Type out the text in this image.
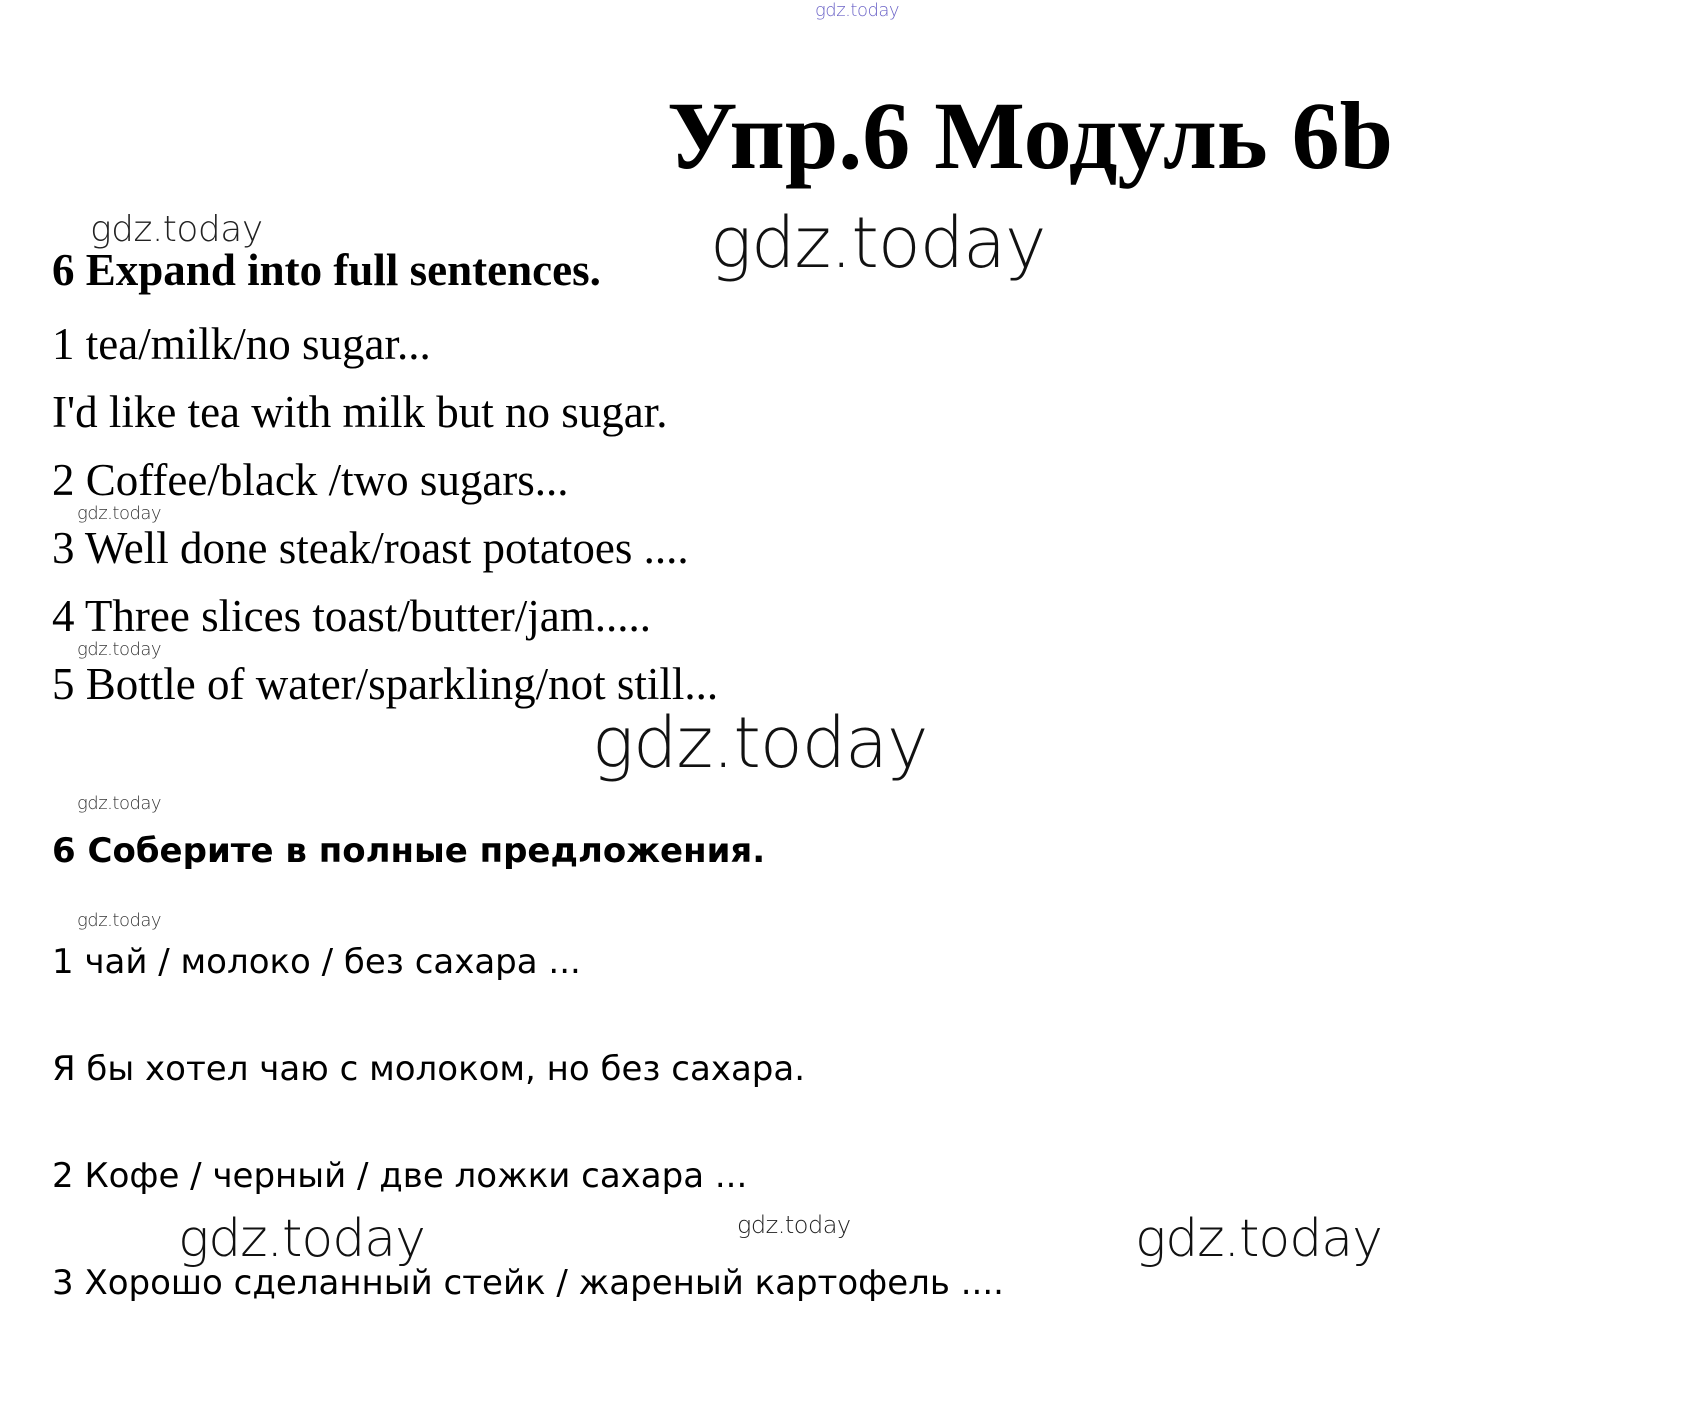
gdz.today
gdz.today	gdz.today
gdz.today
gdz.today
gdz.today
gdz.today
gdz.today
gdz.today
gdz.today	gdz.today
Упр.6 Модуль 6b
6 Expand into full sentences.
1 tea/milk/no sugar...
I'd like tea with milk but no sugar.
2 Coffee/black /two sugars...
3 Well done steak/roast potatoes ....
4 Three slices toast/butter/jam.....
5 Bottle of water/sparkling/not still...
6 Соберите в полные предложения.
1 чай / молоко / без сахара ...
Я бы хотел чаю с молоком, но без сахара.
2 Кофе / черный / две ложки сахара ...
3 Хорошо сделанный стейк / жареный картофель ....
